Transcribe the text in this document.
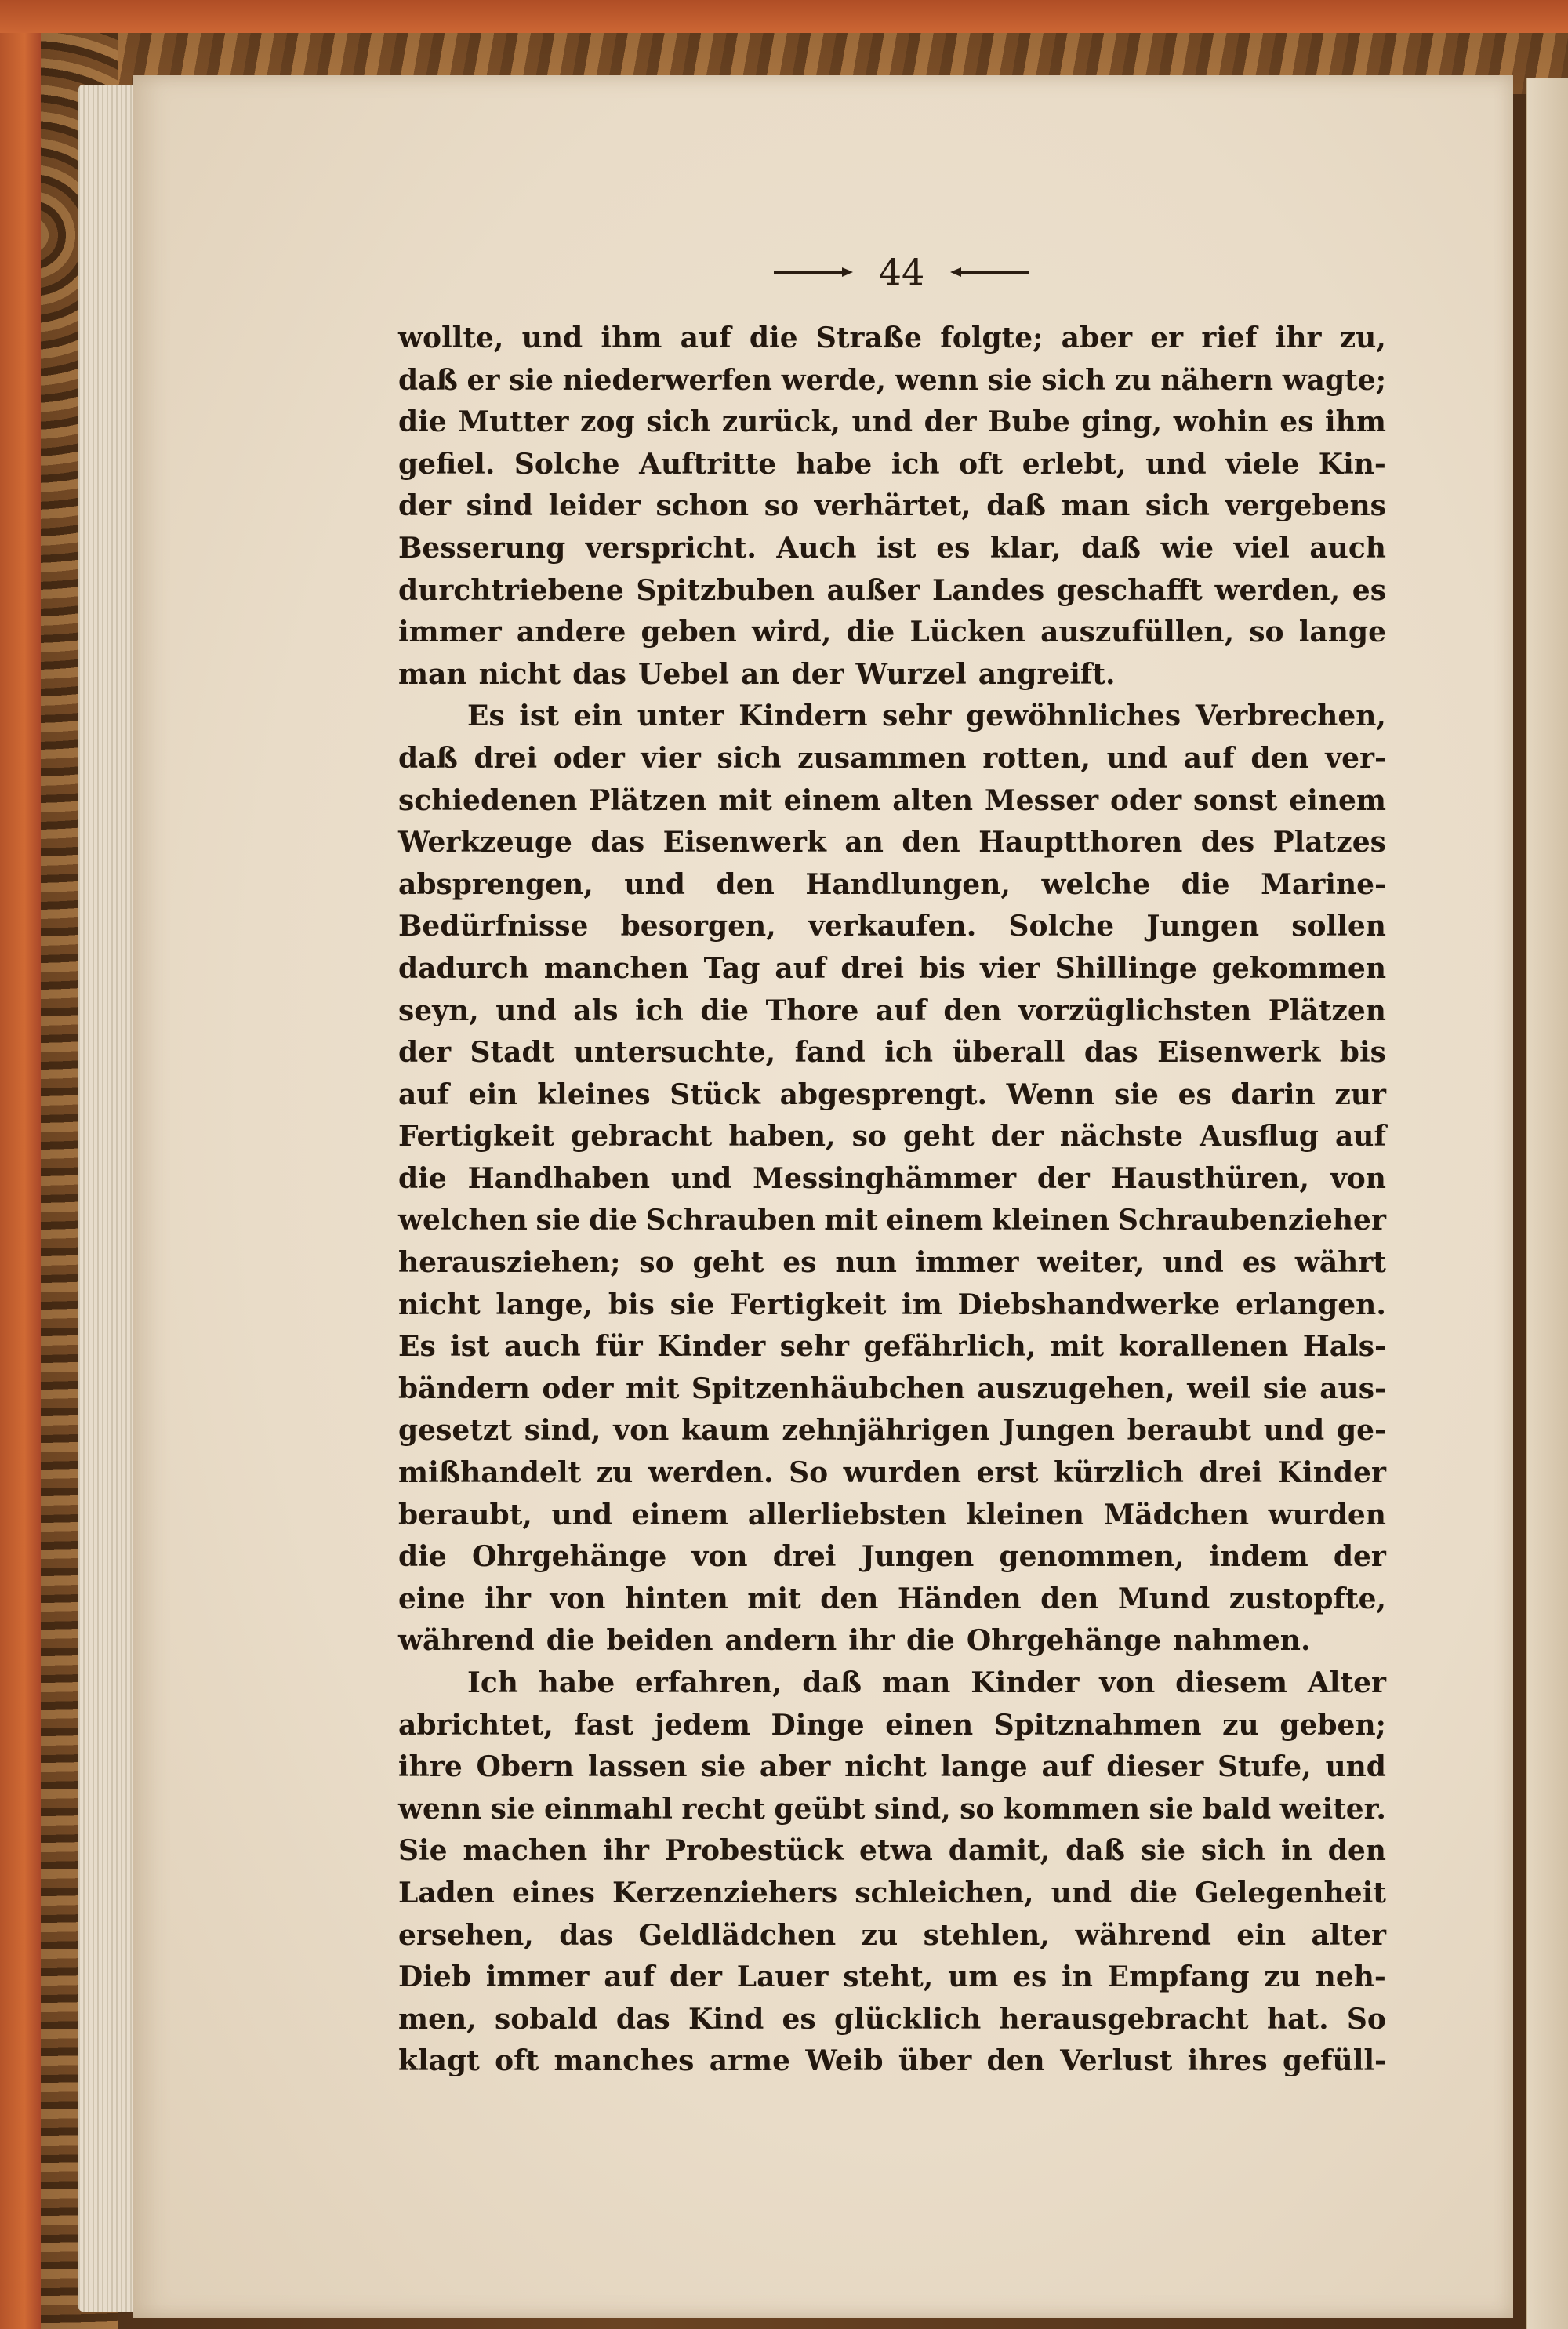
44
wollte, und ihm auf die Straße folgte; aber er rief ihr zu,
daß er sie niederwerfen werde, wenn sie sich zu nähern wagte;
die Mutter zog sich zurück, und der Bube ging, wohin es ihm
gefiel. Solche Auftritte habe ich oft erlebt, und viele Kin-
der sind leider schon so verhärtet, daß man sich vergebens
Besserung verspricht. Auch ist es klar, daß wie viel auch
durchtriebene Spitzbuben außer Landes geschafft werden, es
immer andere geben wird, die Lücken auszufüllen, so lange
man nicht das Uebel an der Wurzel angreift.
Es ist ein unter Kindern sehr gewöhnliches Verbrechen,
daß drei oder vier sich zusammen rotten, und auf den ver-
schiedenen Plätzen mit einem alten Messer oder sonst einem
Werkzeuge das Eisenwerk an den Hauptthoren des Platzes
absprengen, und den Handlungen, welche die Marine-
Bedürfnisse besorgen, verkaufen. Solche Jungen sollen
dadurch manchen Tag auf drei bis vier Shillinge gekommen
seyn, und als ich die Thore auf den vorzüglichsten Plätzen
der Stadt untersuchte, fand ich überall das Eisenwerk bis
auf ein kleines Stück abgesprengt. Wenn sie es darin zur
Fertigkeit gebracht haben, so geht der nächste Ausflug auf
die Handhaben und Messinghämmer der Hausthüren, von
welchen sie die Schrauben mit einem kleinen Schraubenzieher
herausziehen; so geht es nun immer weiter, und es währt
nicht lange, bis sie Fertigkeit im Diebshandwerke erlangen.
Es ist auch für Kinder sehr gefährlich, mit korallenen Hals-
bändern oder mit Spitzenhäubchen auszugehen, weil sie aus-
gesetzt sind, von kaum zehnjährigen Jungen beraubt und ge-
mißhandelt zu werden. So wurden erst kürzlich drei Kinder
beraubt, und einem allerliebsten kleinen Mädchen wurden
die Ohrgehänge von drei Jungen genommen, indem der
eine ihr von hinten mit den Händen den Mund zustopfte,
während die beiden andern ihr die Ohrgehänge nahmen.
Ich habe erfahren, daß man Kinder von diesem Alter
abrichtet, fast jedem Dinge einen Spitznahmen zu geben;
ihre Obern lassen sie aber nicht lange auf dieser Stufe, und
wenn sie einmahl recht geübt sind, so kommen sie bald weiter.
Sie machen ihr Probestück etwa damit, daß sie sich in den
Laden eines Kerzenziehers schleichen, und die Gelegenheit
ersehen, das Geldlädchen zu stehlen, während ein alter
Dieb immer auf der Lauer steht, um es in Empfang zu neh-
men, sobald das Kind es glücklich herausgebracht hat. So
klagt oft manches arme Weib über den Verlust ihres gefüll-
